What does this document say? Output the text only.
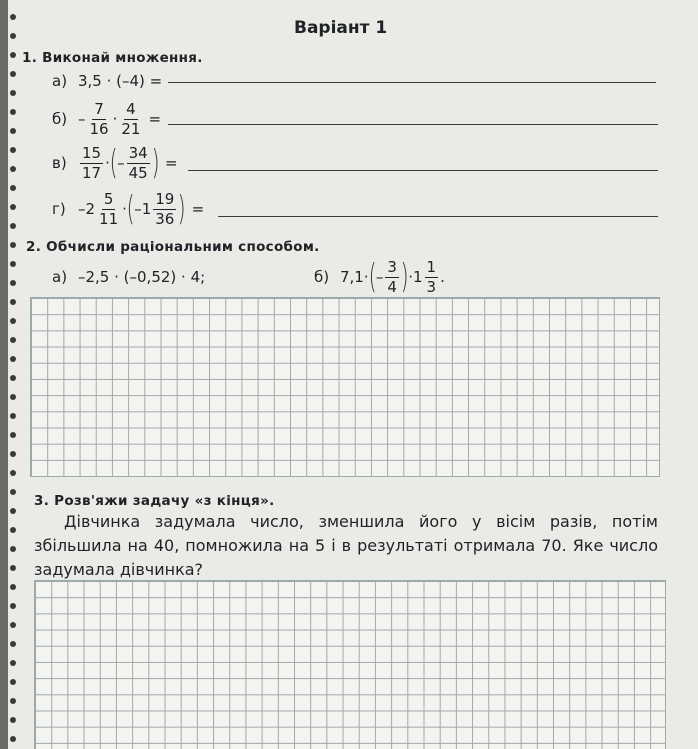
Варіант 1
1. Виконай множення.
а) 3,5 · (–4) =
$б) - \frac{7}{16} \cdot \frac{4}{21}$ =
$в) \frac{15}{17}$ · ( – $\frac{34}{45}$ ) =
г) $-2 \frac{5}{11}$ · ( $-1 \frac{19}{36}$ ) =
2. Обчисли раціональним способом.
а) –2,5 · (–0,52) · 4;	б) 7,1· ( – $\frac{3}{4}$ ) · $1 \frac{1}{3}$ .
3. Розв'яжи задачу «з кінця».

Дівчинка задумала число, зменшила його у вісім разів, потім збільшила на 40, помножила на 5 і в результаті отримала 70. Яке число задумала дівчинка?
